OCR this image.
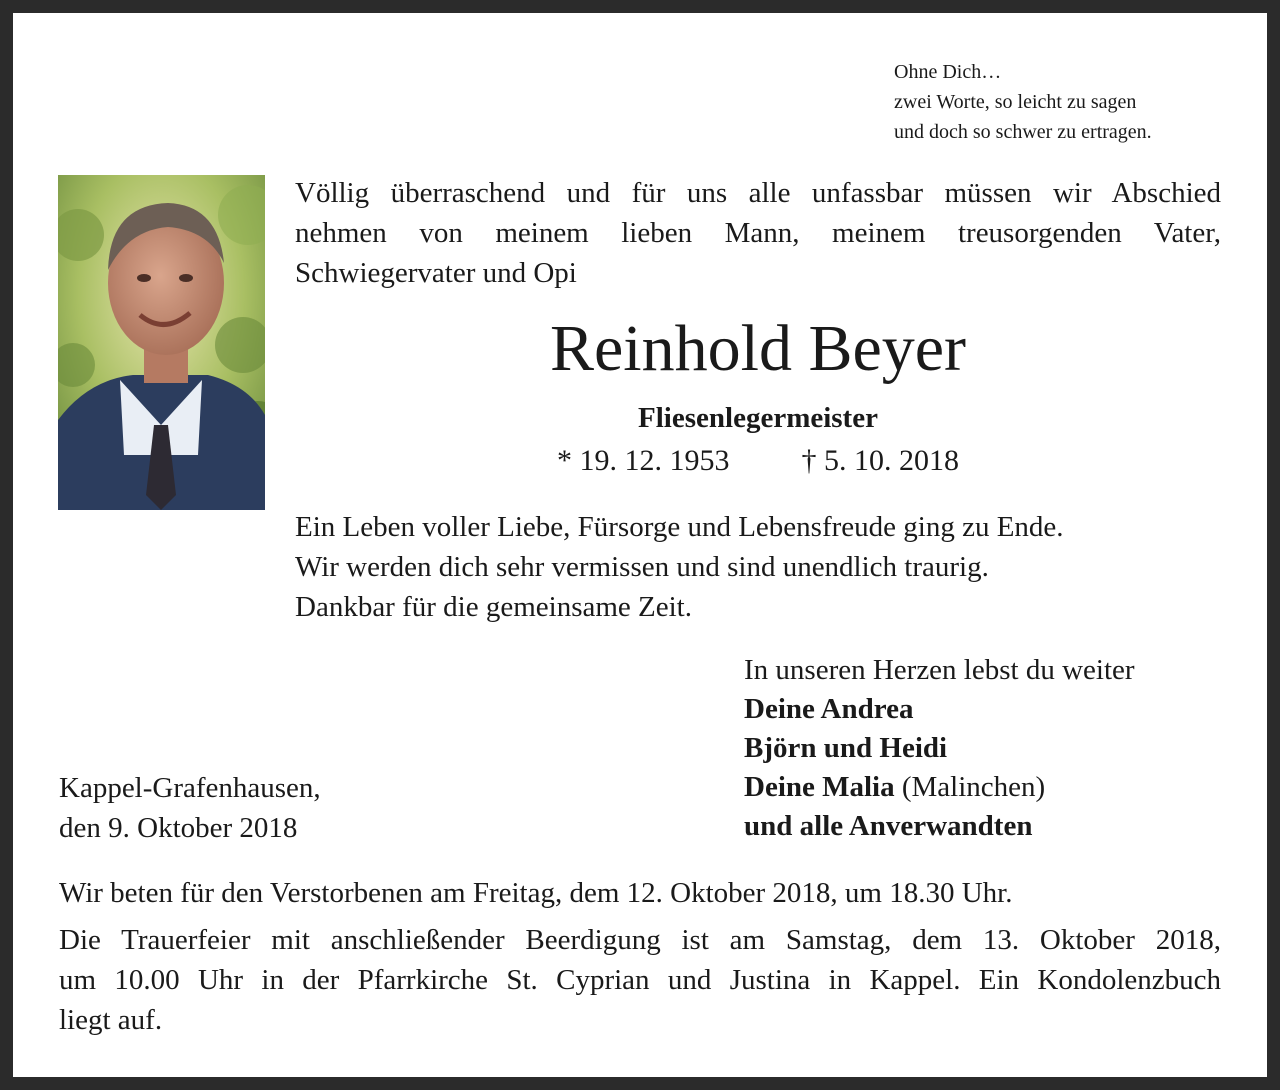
Ohne Dich…
zwei Worte, so leicht zu sagen
und doch so schwer zu ertragen.
Völlig überraschend und für uns alle unfassbar müssen wir Abschied
nehmen von meinem lieben Mann, meinem treusorgenden Vater,
Schwiegervater und Opi
Reinhold Beyer
Fliesenlegermeister
* 19. 12. 1953 † 5. 10. 2018
Ein Leben voller Liebe, Fürsorge und Lebensfreude ging zu Ende.
Wir werden dich sehr vermissen und sind unendlich traurig.
Dankbar für die gemeinsame Zeit.
In unseren Herzen lebst du weiter
Deine Andrea
Björn und Heidi
Deine Malia (Malinchen)
und alle Anverwandten
Kappel-Grafenhausen,
den 9. Oktober 2018
Wir beten für den Verstorbenen am Freitag, dem 12. Oktober 2018, um 18.30 Uhr.
Die Trauerfeier mit anschließender Beerdigung ist am Samstag, dem 13. Oktober 2018,
um 10.00 Uhr in der Pfarrkirche St. Cyprian und Justina in Kappel. Ein Kondolenzbuch
liegt auf.
